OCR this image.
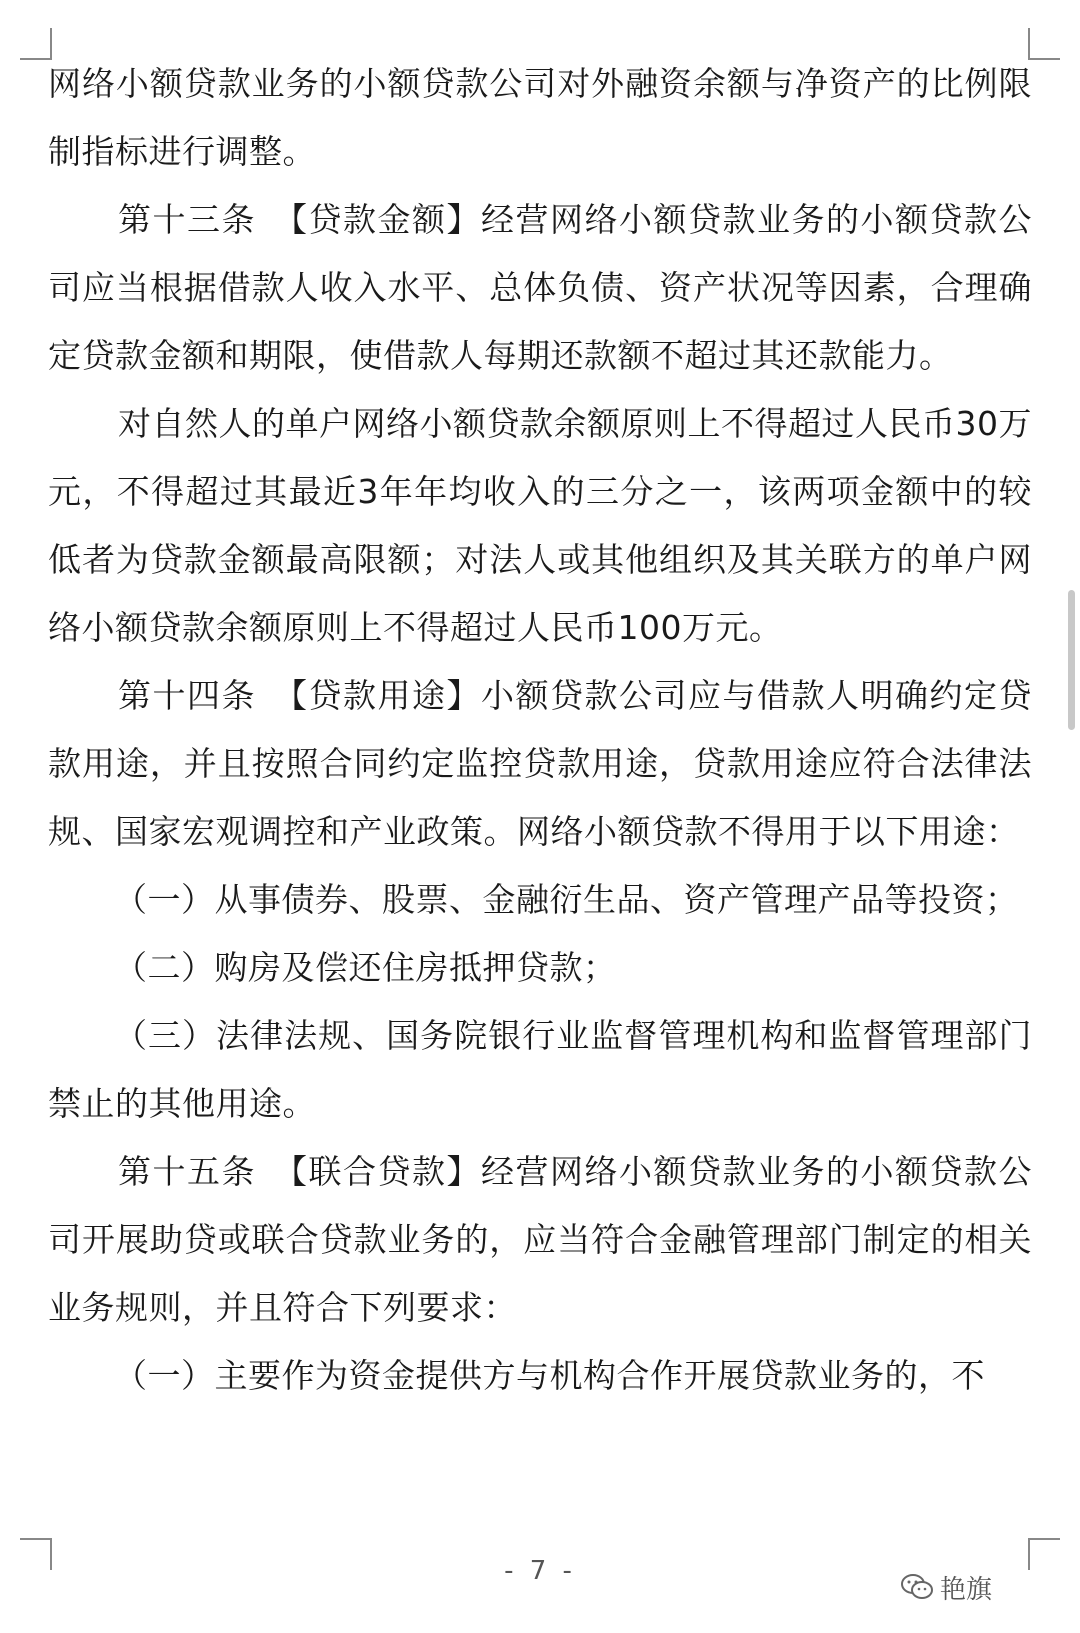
网络小额贷款业务的小额贷款公司对外融资余额与净资产的比例限制指标进行调整。

第十三条　【贷款金额】经营网络小额贷款业务的小额贷款公司应当根据借款人收入水平、总体负债、资产状况等因素，合理确定贷款金额和期限，使借款人每期还款额不超过其还款能力。

对自然人的单户网络小额贷款余额原则上不得超过人民币30万元，不得超过其最近3年年均收入的三分之一，该两项金额中的较低者为贷款金额最高限额；对法人或其他组织及其关联方的单户网络小额贷款余额原则上不得超过人民币100万元。

第十四条　【贷款用途】小额贷款公司应与借款人明确约定贷款用途，并且按照合同约定监控贷款用途，贷款用途应符合法律法规、国家宏观调控和产业政策。网络小额贷款不得用于以下用途：

（一）从事债券、股票、金融衍生品、资产管理产品等投资；

（二）购房及偿还住房抵押贷款；

（三）法律法规、国务院银行业监督管理机构和监督管理部门禁止的其他用途。

第十五条　【联合贷款】经营网络小额贷款业务的小额贷款公司开展助贷或联合贷款业务的，应当符合金融管理部门制定的相关业务规则，并且符合下列要求：

（一）主要作为资金提供方与机构合作开展贷款业务的，不

- 7 -
艳旗
